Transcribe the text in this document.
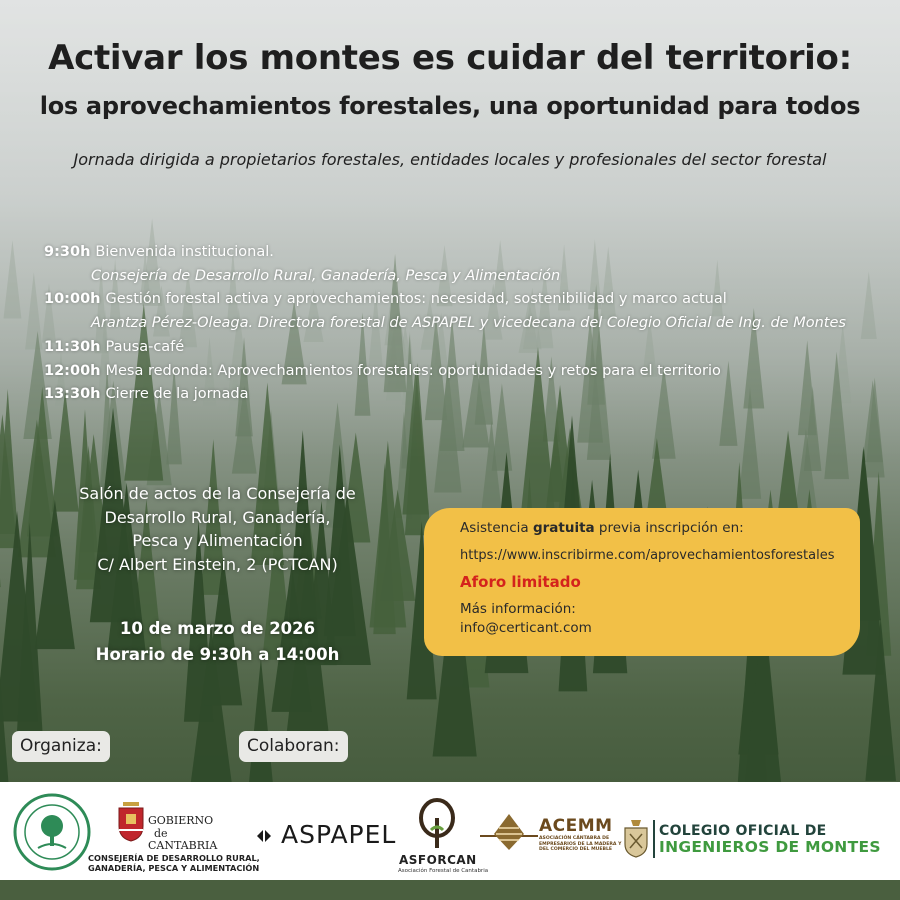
Activar los montes es cuidar del territorio:
los aprovechamientos forestales, una oportunidad para todos
Jornada dirigida a propietarios forestales, entidades locales y profesionales del sector forestal
9:30h Bienvenida institucional.
Consejería de Desarrollo Rural, Ganadería, Pesca y Alimentación
10:00h Gestión forestal activa y aprovechamientos: necesidad, sostenibilidad y marco actual
Arantza Pérez-Oleaga. Directora forestal de ASPAPEL y vicedecana del Colegio Oficial de Ing. de Montes
11:30h Pausa-café
12:00h Mesa redonda: Aprovechamientos forestales: oportunidades y retos para el territorio
13:30h Cierre de la jornada
Salón de actos de la Consejería de
Desarrollo Rural, Ganadería,
Pesca y Alimentación
C/ Albert Einstein, 2 (PCTCAN)
10 de marzo de 2026
Horario de 9:30h a 14:00h
Asistencia gratuita previa inscripción en:
https://www.inscribirme.com/aprovechamientosforestales
Aforo limitado
Más información:
info@certicant.com
Organiza:	Colaboran:
GOBIERNO
de
CANTABRIA
CONSEJERÍA DE DESARROLLO RURAL,
GANADERÍA, PESCA Y ALIMENTACIÓN
ASPAPEL
ASFORCAN
Asociación Forestal de Cantabria
ACEMM
ASOCIACIÓN CÁNTABRA DE EMPRESARIOS DE LA MADERA Y DEL COMERCIO DEL MUEBLE
COLEGIO OFICIAL DE
INGENIEROS DE MONTES
